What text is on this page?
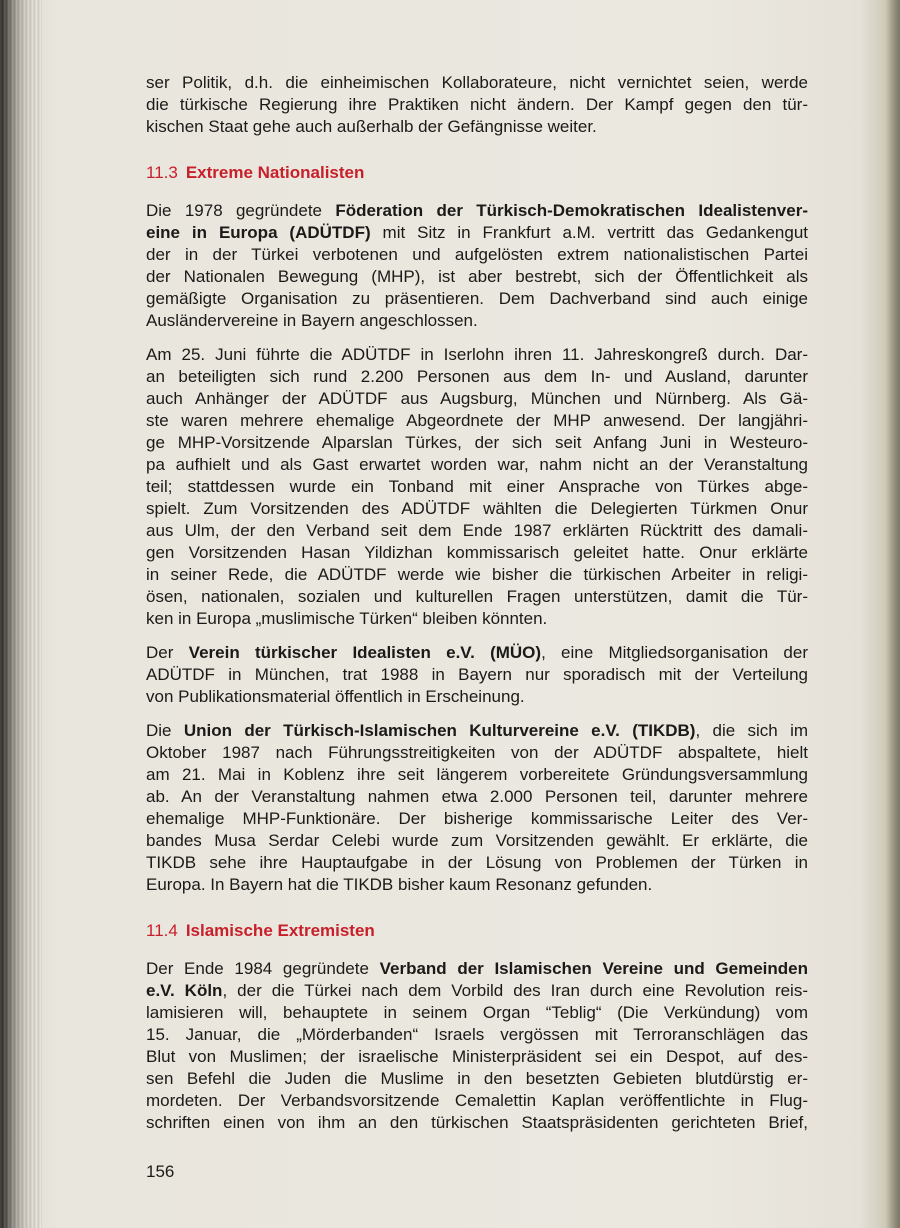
ser Politik, d.h. die einheimischen Kollaborateure, nicht vernichtet seien, werde
die türkische Regierung ihre Praktiken nicht ändern. Der Kampf gegen den tür-
kischen Staat gehe auch außerhalb der Gefängnisse weiter.
11.3 Extreme Nationalisten
Die 1978 gegründete Föderation der Türkisch-Demokratischen Idealistenver-
eine in Europa (ADÜTDF) mit Sitz in Frankfurt a.M. vertritt das Gedankengut
der in der Türkei verbotenen und aufgelösten extrem nationalistischen Partei
der Nationalen Bewegung (MHP), ist aber bestrebt, sich der Öffentlichkeit als
gemäßigte Organisation zu präsentieren. Dem Dachverband sind auch einige
Ausländervereine in Bayern angeschlossen.
Am 25. Juni führte die ADÜTDF in Iserlohn ihren 11. Jahreskongreß durch. Dar-
an beteiligten sich rund 2.200 Personen aus dem In- und Ausland, darunter
auch Anhänger der ADÜTDF aus Augsburg, München und Nürnberg. Als Gä-
ste waren mehrere ehemalige Abgeordnete der MHP anwesend. Der langjähri-
ge MHP-Vorsitzende Alparslan Türkes, der sich seit Anfang Juni in Westeuro-
pa aufhielt und als Gast erwartet worden war, nahm nicht an der Veranstaltung
teil; stattdessen wurde ein Tonband mit einer Ansprache von Türkes abge-
spielt. Zum Vorsitzenden des ADÜTDF wählten die Delegierten Türkmen Onur
aus Ulm, der den Verband seit dem Ende 1987 erklärten Rücktritt des damali-
gen Vorsitzenden Hasan Yildizhan kommissarisch geleitet hatte. Onur erklärte
in seiner Rede, die ADÜTDF werde wie bisher die türkischen Arbeiter in religi-
ösen, nationalen, sozialen und kulturellen Fragen unterstützen, damit die Tür-
ken in Europa „muslimische Türken“ bleiben könnten.
Der Verein türkischer Idealisten e.V. (MÜO), eine Mitgliedsorganisation der
ADÜTDF in München, trat 1988 in Bayern nur sporadisch mit der Verteilung
von Publikationsmaterial öffentlich in Erscheinung.
Die Union der Türkisch-Islamischen Kulturvereine e.V. (TIKDB), die sich im
Oktober 1987 nach Führungsstreitigkeiten von der ADÜTDF abspaltete, hielt
am 21. Mai in Koblenz ihre seit längerem vorbereitete Gründungsversammlung
ab. An der Veranstaltung nahmen etwa 2.000 Personen teil, darunter mehrere
ehemalige MHP-Funktionäre. Der bisherige kommissarische Leiter des Ver-
bandes Musa Serdar Celebi wurde zum Vorsitzenden gewählt. Er erklärte, die
TIKDB sehe ihre Hauptaufgabe in der Lösung von Problemen der Türken in
Europa. In Bayern hat die TIKDB bisher kaum Resonanz gefunden.
11.4 Islamische Extremisten
Der Ende 1984 gegründete Verband der Islamischen Vereine und Gemeinden
e.V. Köln, der die Türkei nach dem Vorbild des Iran durch eine Revolution reis-
lamisieren will, behauptete in seinem Organ “Teblig“ (Die Verkündung) vom
15. Januar, die „Mörderbanden“ Israels vergössen mit Terroranschlägen das
Blut von Muslimen; der israelische Ministerpräsident sei ein Despot, auf des-
sen Befehl die Juden die Muslime in den besetzten Gebieten blutdürstig er-
mordeten. Der Verbandsvorsitzende Cemalettin Kaplan veröffentlichte in Flug-
schriften einen von ihm an den türkischen Staatspräsidenten gerichteten Brief,
156
